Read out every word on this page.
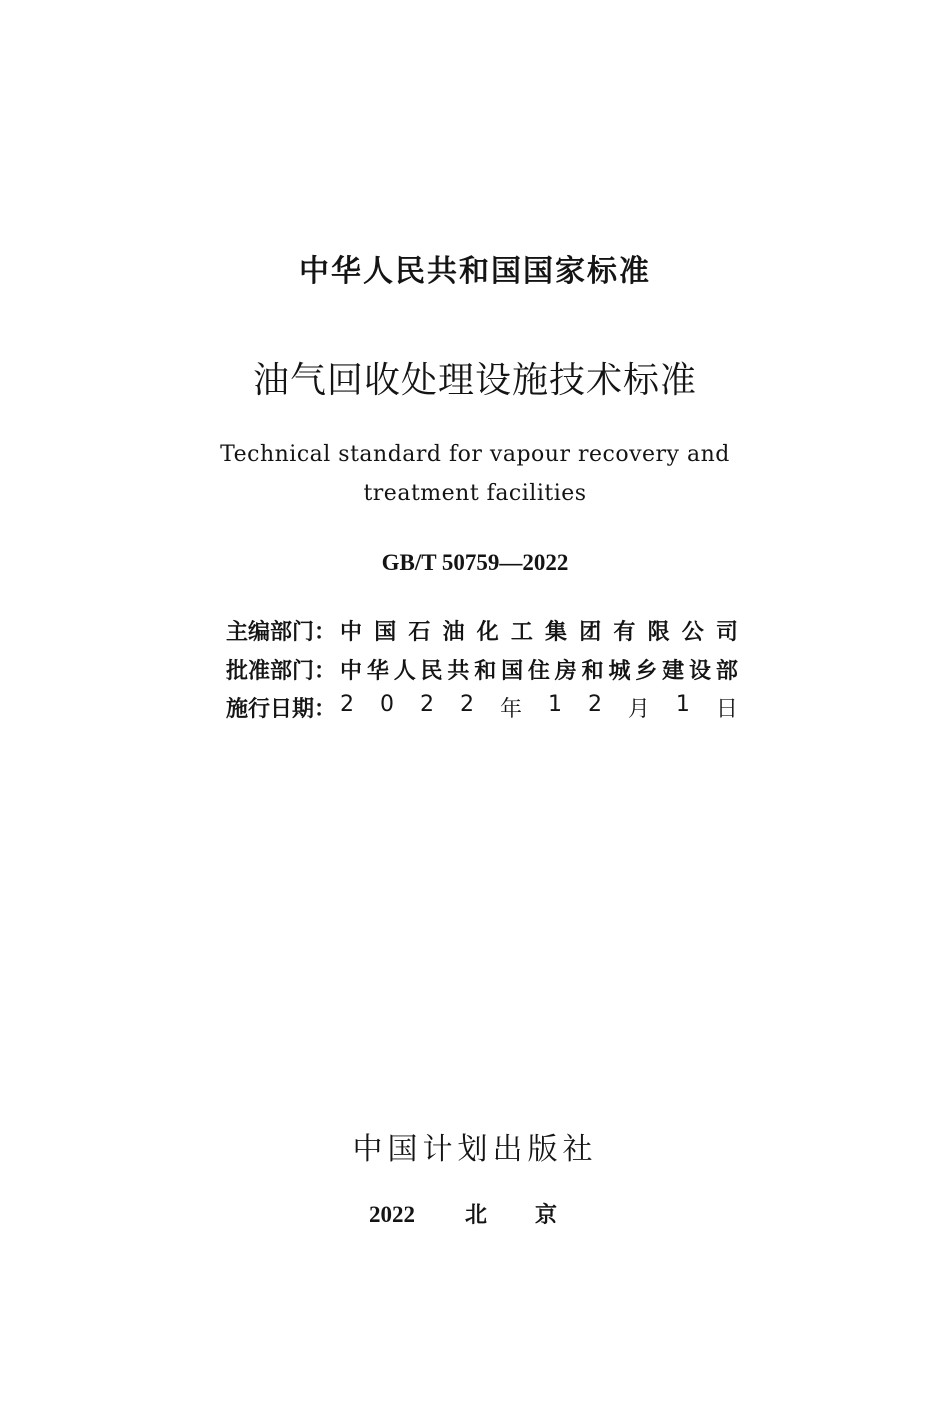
中华人民共和国国家标准
油气回收处理设施技术标准
Technical standard for vapour recovery and
treatment facilities
GB/T 50759—2022
主编部门： 中 国 石 油 化 工 集 团 有 限 公 司
批准部门： 中 华 人 民 共 和 国 住 房 和 城 乡 建 设 部
施行日期： 2 0 2 2 年 1 2 月 1 日
中国计划出版社
2022 北 京
